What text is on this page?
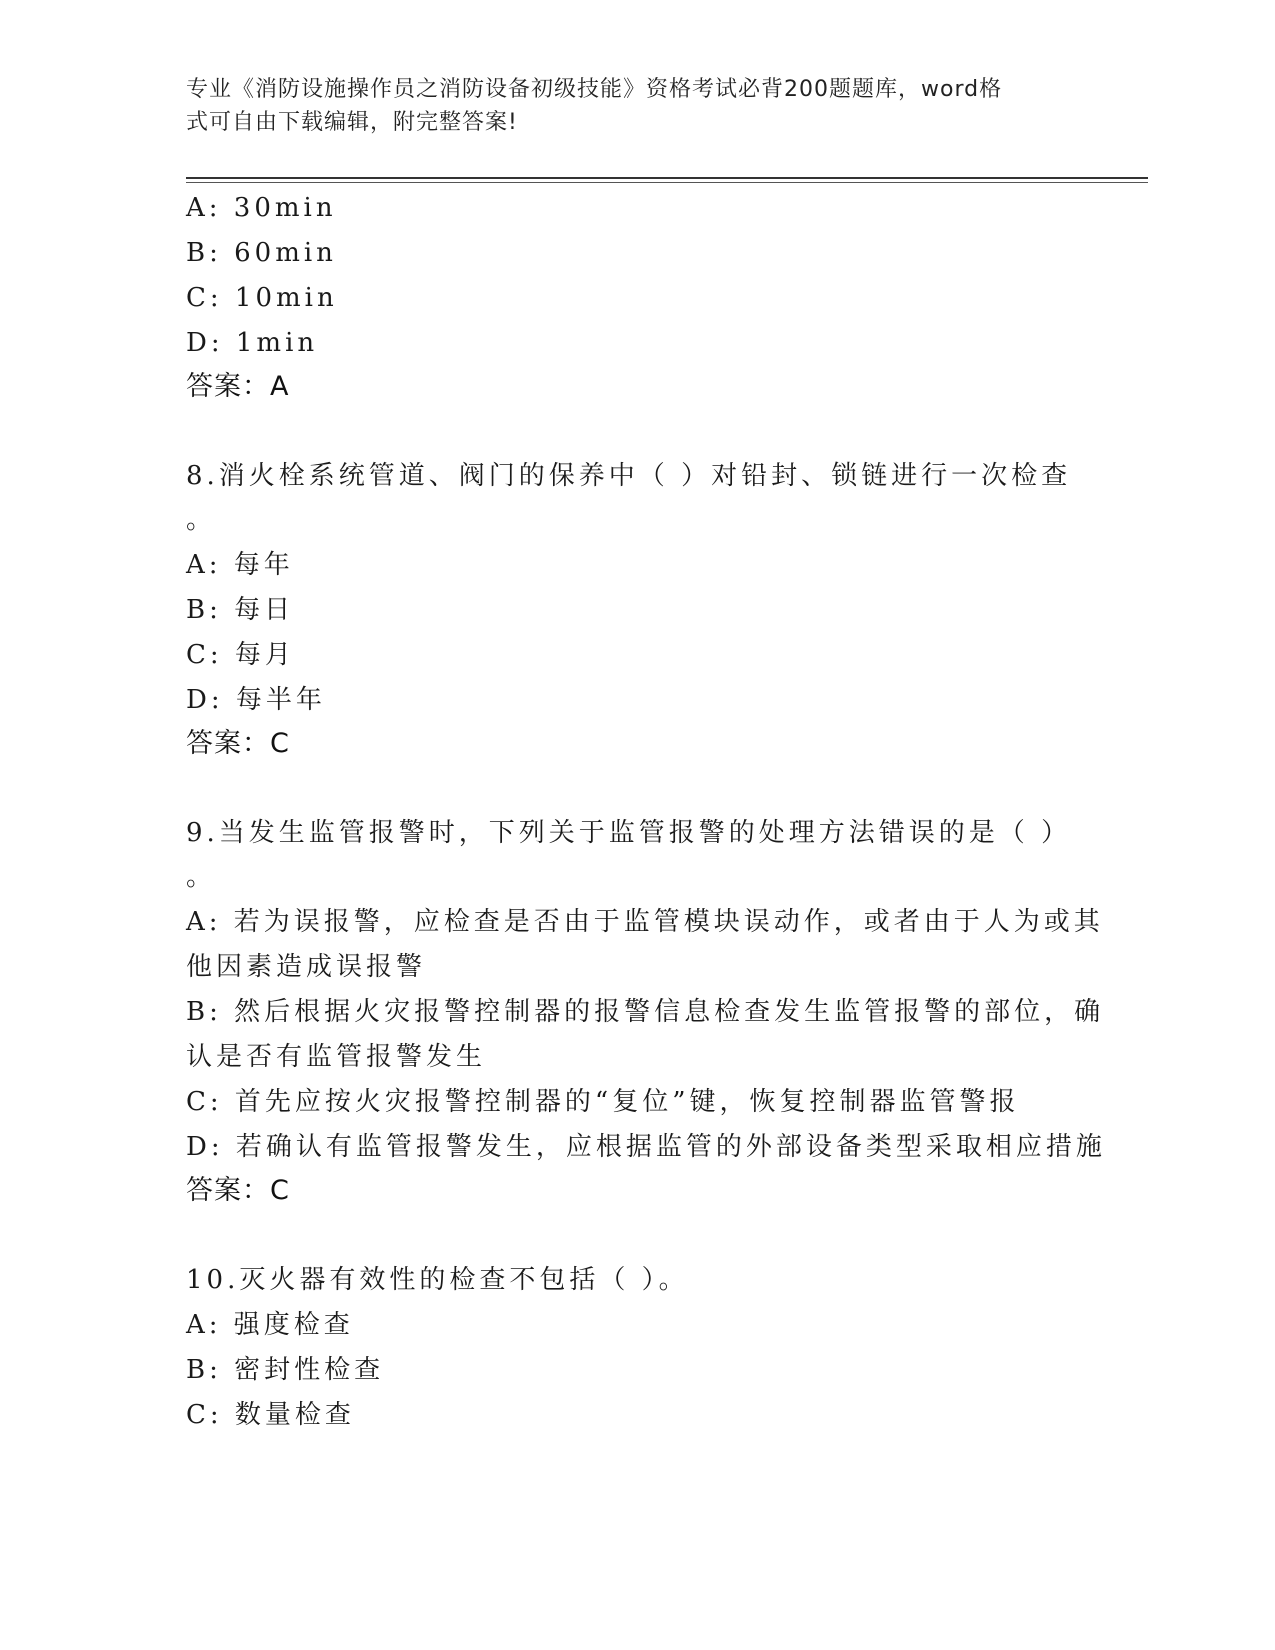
专业《消防设施操作员之消防设备初级技能》资格考试必背200题题库，word格
式可自由下载编辑，附完整答案!
A: 30min
B: 60min
C: 10min
D: 1min
答案：A
8.消火栓系统管道、阀门的保养中（ ）对铅封、锁链进行一次检查
。
A: 每年
B: 每日
C: 每月
D: 每半年
答案：C
9.当发生监管报警时，下列关于监管报警的处理方法错误的是（ ）
。
A: 若为误报警，应检查是否由于监管模块误动作，或者由于人为或其
他因素造成误报警
B: 然后根据火灾报警控制器的报警信息检查发生监管报警的部位，确
认是否有监管报警发生
C: 首先应按火灾报警控制器的“复位”键，恢复控制器监管警报
D: 若确认有监管报警发生，应根据监管的外部设备类型采取相应措施
答案：C
10.灭火器有效性的检查不包括（ ）。
A: 强度检查
B: 密封性检查
C: 数量检查
